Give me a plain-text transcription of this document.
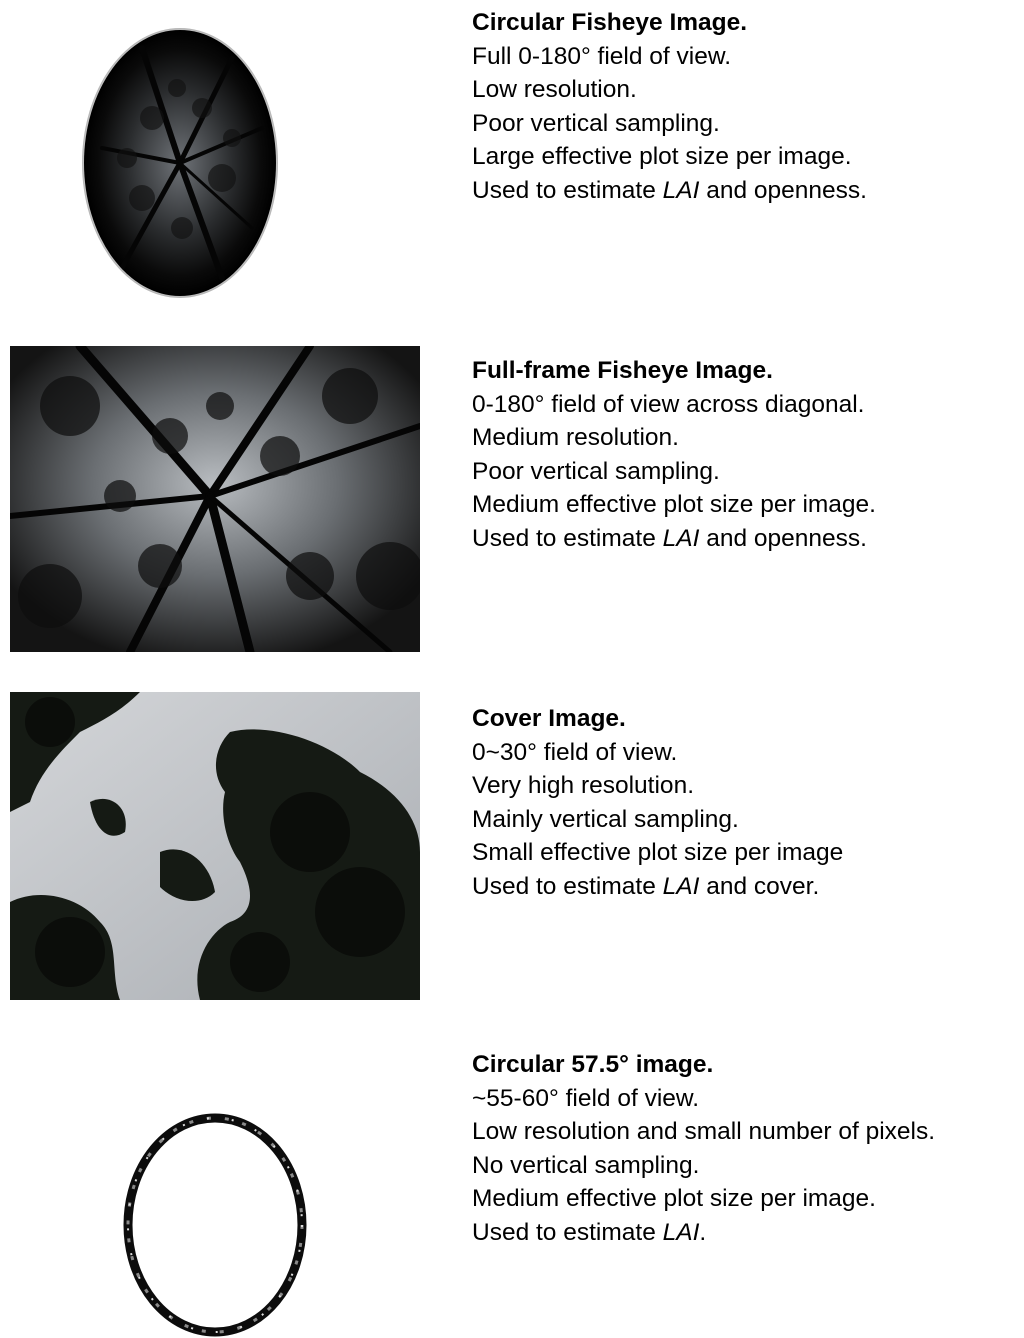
Circular Fisheye Image.
Full 0-180° field of view.
Low resolution.
Poor vertical sampling.
Large effective plot size per image.
Used to estimate LAI and openness.
Full-frame Fisheye Image.
0-180° field of view across diagonal.
Medium resolution.
Poor vertical sampling.
Medium effective plot size per image.
Used to estimate LAI and openness.
Cover Image.
0~30° field of view.
Very high resolution.
Mainly vertical sampling.
Small effective plot size per image
Used to estimate LAI and cover.
Circular 57.5° image.
~55-60° field of view.
Low resolution and small number of pixels.
No vertical sampling.
Medium effective plot size per image.
Used to estimate LAI.
